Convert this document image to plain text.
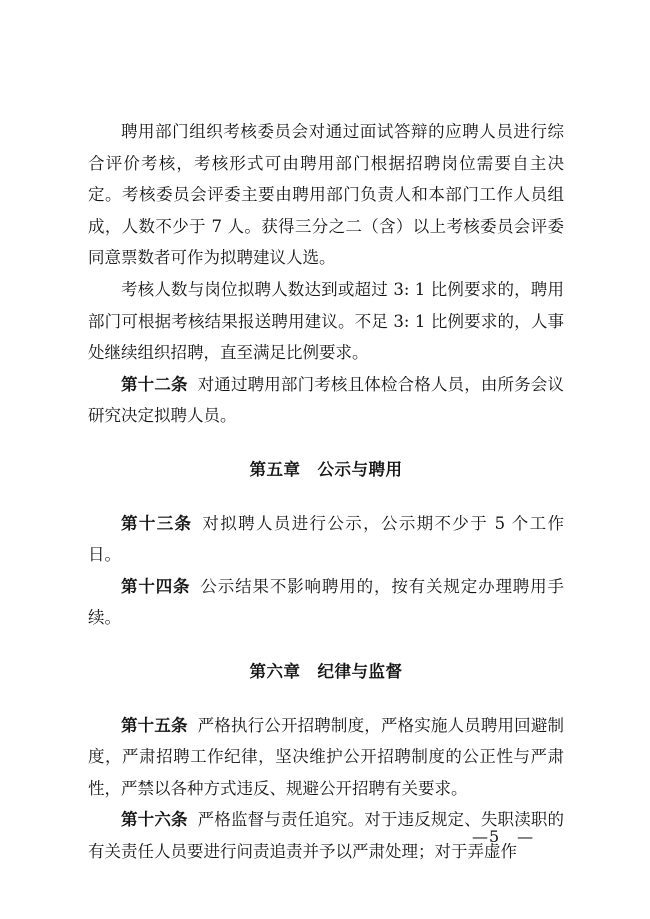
聘用部门组织考核委员会对通过面试答辩的应聘人员进行综合评价考核，考核形式可由聘用部门根据招聘岗位需要自主决定。考核委员会评委主要由聘用部门负责人和本部门工作人员组成，人数不少于 7 人。获得三分之二（含）以上考核委员会评委同意票数者可作为拟聘建议人选。

考核人数与岗位拟聘人数达到或超过 3: 1 比例要求的，聘用部门可根据考核结果报送聘用建议。不足 3: 1 比例要求的，人事处继续组织招聘，直至满足比例要求。

第十二条 对通过聘用部门考核且体检合格人员，由所务会议研究决定拟聘人员。

第五章　公示与聘用

第十三条 对拟聘人员进行公示，公示期不少于 5 个工作日。

第十四条 公示结果不影响聘用的，按有关规定办理聘用手续。

第六章　纪律与监督

第十五条 严格执行公开招聘制度，严格实施人员聘用回避制度，严肃招聘工作纪律，坚决维护公开招聘制度的公正性与严肃性，严禁以各种方式违反、规避公开招聘有关要求。

第十六条 严格监督与责任追究。对于违反规定、失职渎职的有关责任人员要进行问责追责并予以严肃处理；对于弄虚作

—5　—
